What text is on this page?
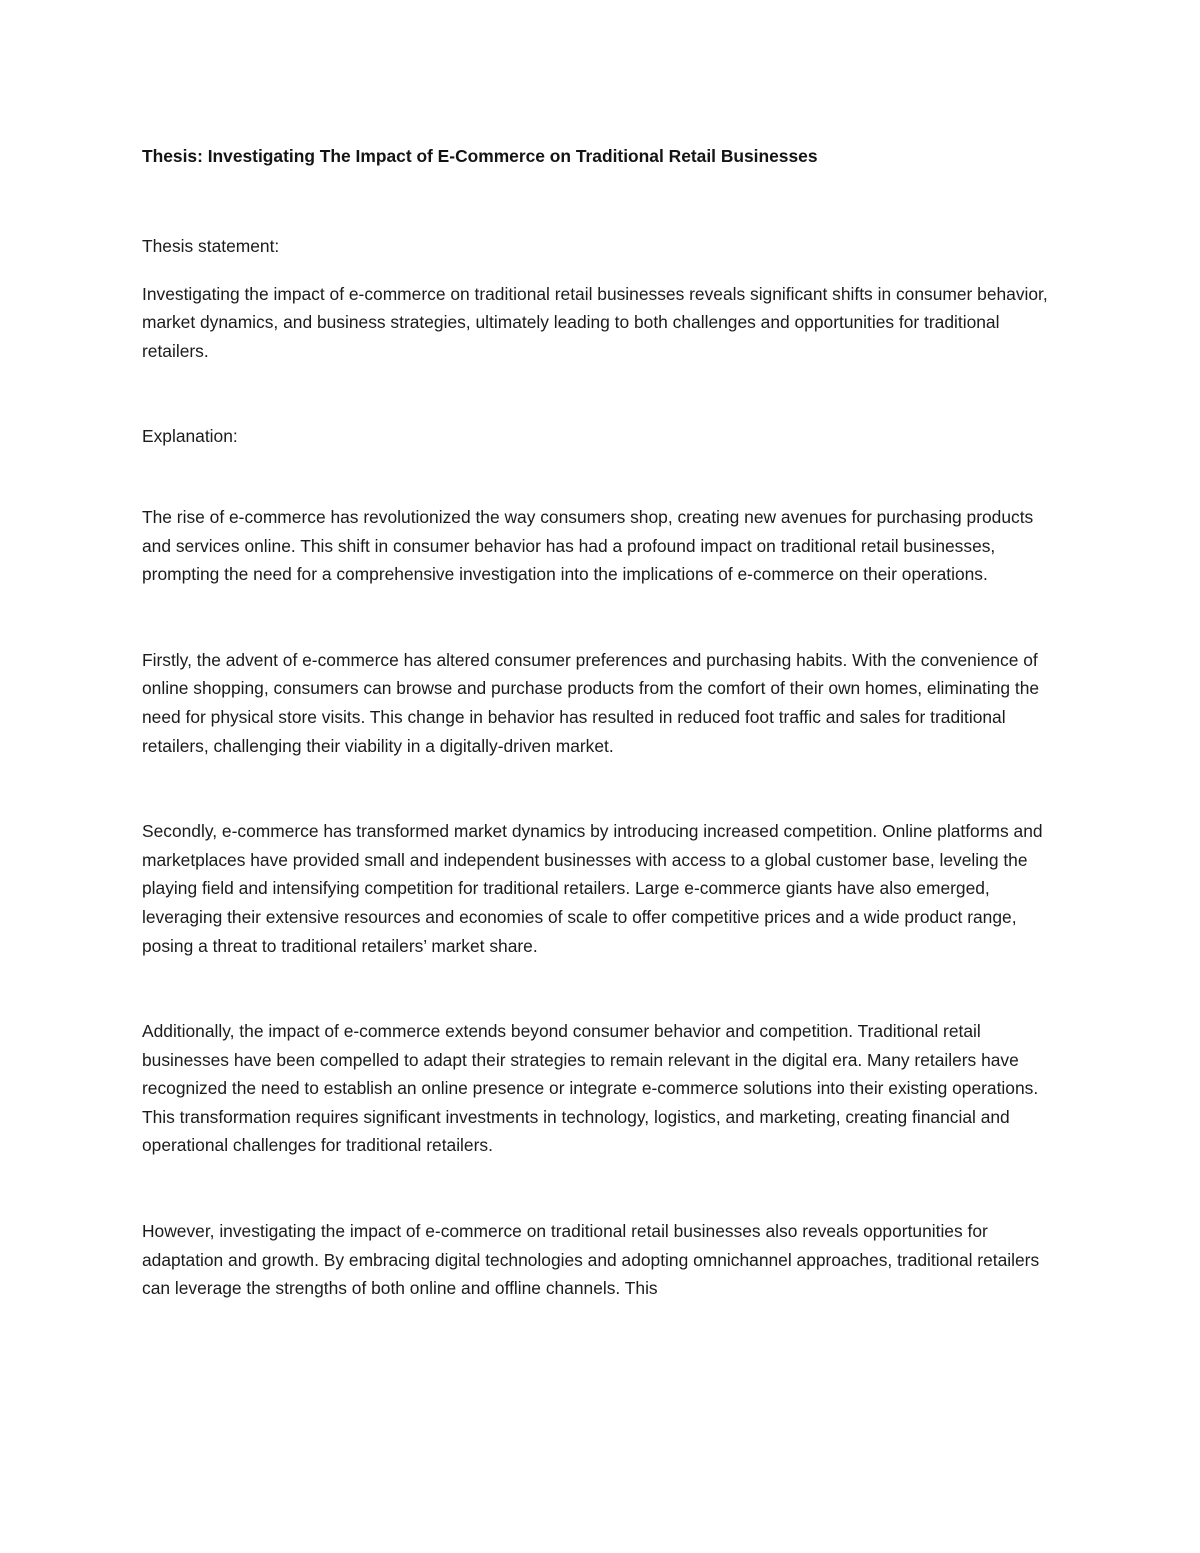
Thesis: Investigating The Impact of E-Commerce on Traditional Retail Businesses

Thesis statement:

Investigating the impact of e-commerce on traditional retail businesses reveals significant shifts in consumer behavior, market dynamics, and business strategies, ultimately leading to both challenges and opportunities for traditional retailers.

Explanation:

The rise of e-commerce has revolutionized the way consumers shop, creating new avenues for purchasing products and services online. This shift in consumer behavior has had a profound impact on traditional retail businesses, prompting the need for a comprehensive investigation into the implications of e-commerce on their operations.

Firstly, the advent of e-commerce has altered consumer preferences and purchasing habits. With the convenience of online shopping, consumers can browse and purchase products from the comfort of their own homes, eliminating the need for physical store visits. This change in behavior has resulted in reduced foot traffic and sales for traditional retailers, challenging their viability in a digitally-driven market.

Secondly, e-commerce has transformed market dynamics by introducing increased competition. Online platforms and marketplaces have provided small and independent businesses with access to a global customer base, leveling the playing field and intensifying competition for traditional retailers. Large e-commerce giants have also emerged, leveraging their extensive resources and economies of scale to offer competitive prices and a wide product range, posing a threat to traditional retailers’ market share.

Additionally, the impact of e-commerce extends beyond consumer behavior and competition. Traditional retail businesses have been compelled to adapt their strategies to remain relevant in the digital era. Many retailers have recognized the need to establish an online presence or integrate e-commerce solutions into their existing operations. This transformation requires significant investments in technology, logistics, and marketing, creating financial and operational challenges for traditional retailers.

However, investigating the impact of e-commerce on traditional retail businesses also reveals opportunities for adaptation and growth. By embracing digital technologies and adopting omnichannel approaches, traditional retailers can leverage the strengths of both online and offline channels. This
